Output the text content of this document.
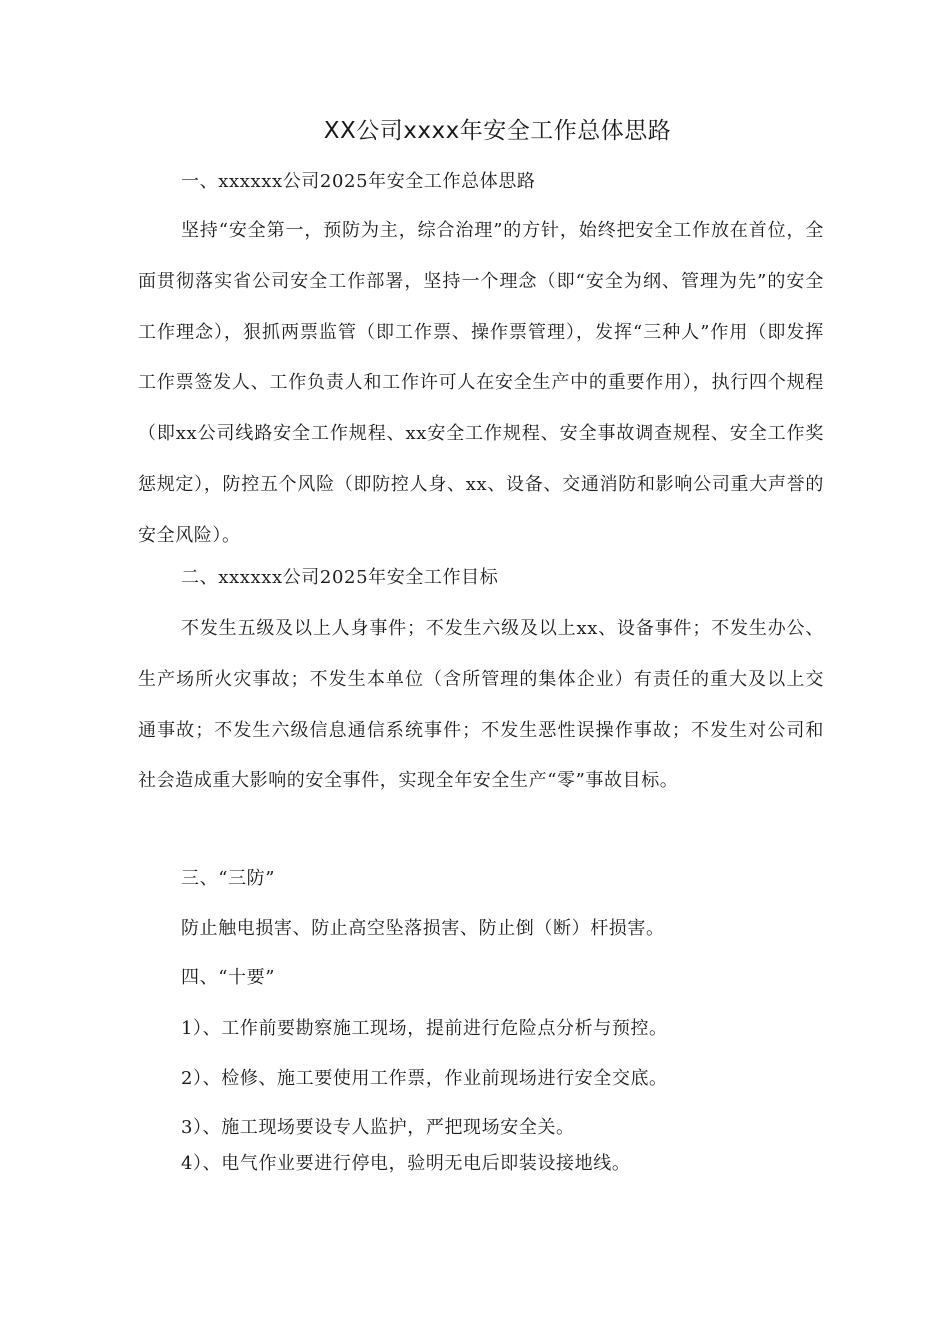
XX公司xxxx年安全工作总体思路
一、xxxxxx公司2025年安全工作总体思路
坚持“安全第一，预防为主，综合治理”的方针，始终把安全工作放在首位，全面贯彻落实省公司安全工作部署，坚持一个理念（即“安全为纲、管理为先”的安全工作理念），狠抓两票监管（即工作票、操作票管理），发挥“三种人”作用（即发挥工作票签发人、工作负责人和工作许可人在安全生产中的重要作用），执行四个规程（即xx公司线路安全工作规程、xx安全工作规程、安全事故调查规程、安全工作奖惩规定），防控五个风险（即防控人身、xx、设备、交通消防和影响公司重大声誉的安全风险）。
二、xxxxxx公司2025年安全工作目标
不发生五级及以上人身事件；不发生六级及以上xx、设备事件；不发生办公、生产场所火灾事故；不发生本单位（含所管理的集体企业）有责任的重大及以上交通事故；不发生六级信息通信系统事件；不发生恶性误操作事故；不发生对公司和社会造成重大影响的安全事件，实现全年安全生产“零”事故目标。
三、“三防”
防止触电损害、防止高空坠落损害、防止倒（断）杆损害。
四、“十要”
1）、工作前要勘察施工现场，提前进行危险点分析与预控。
2）、检修、施工要使用工作票，作业前现场进行安全交底。
3）、施工现场要设专人监护，严把现场安全关。
4）、电气作业要进行停电，验明无电后即装设接地线。
